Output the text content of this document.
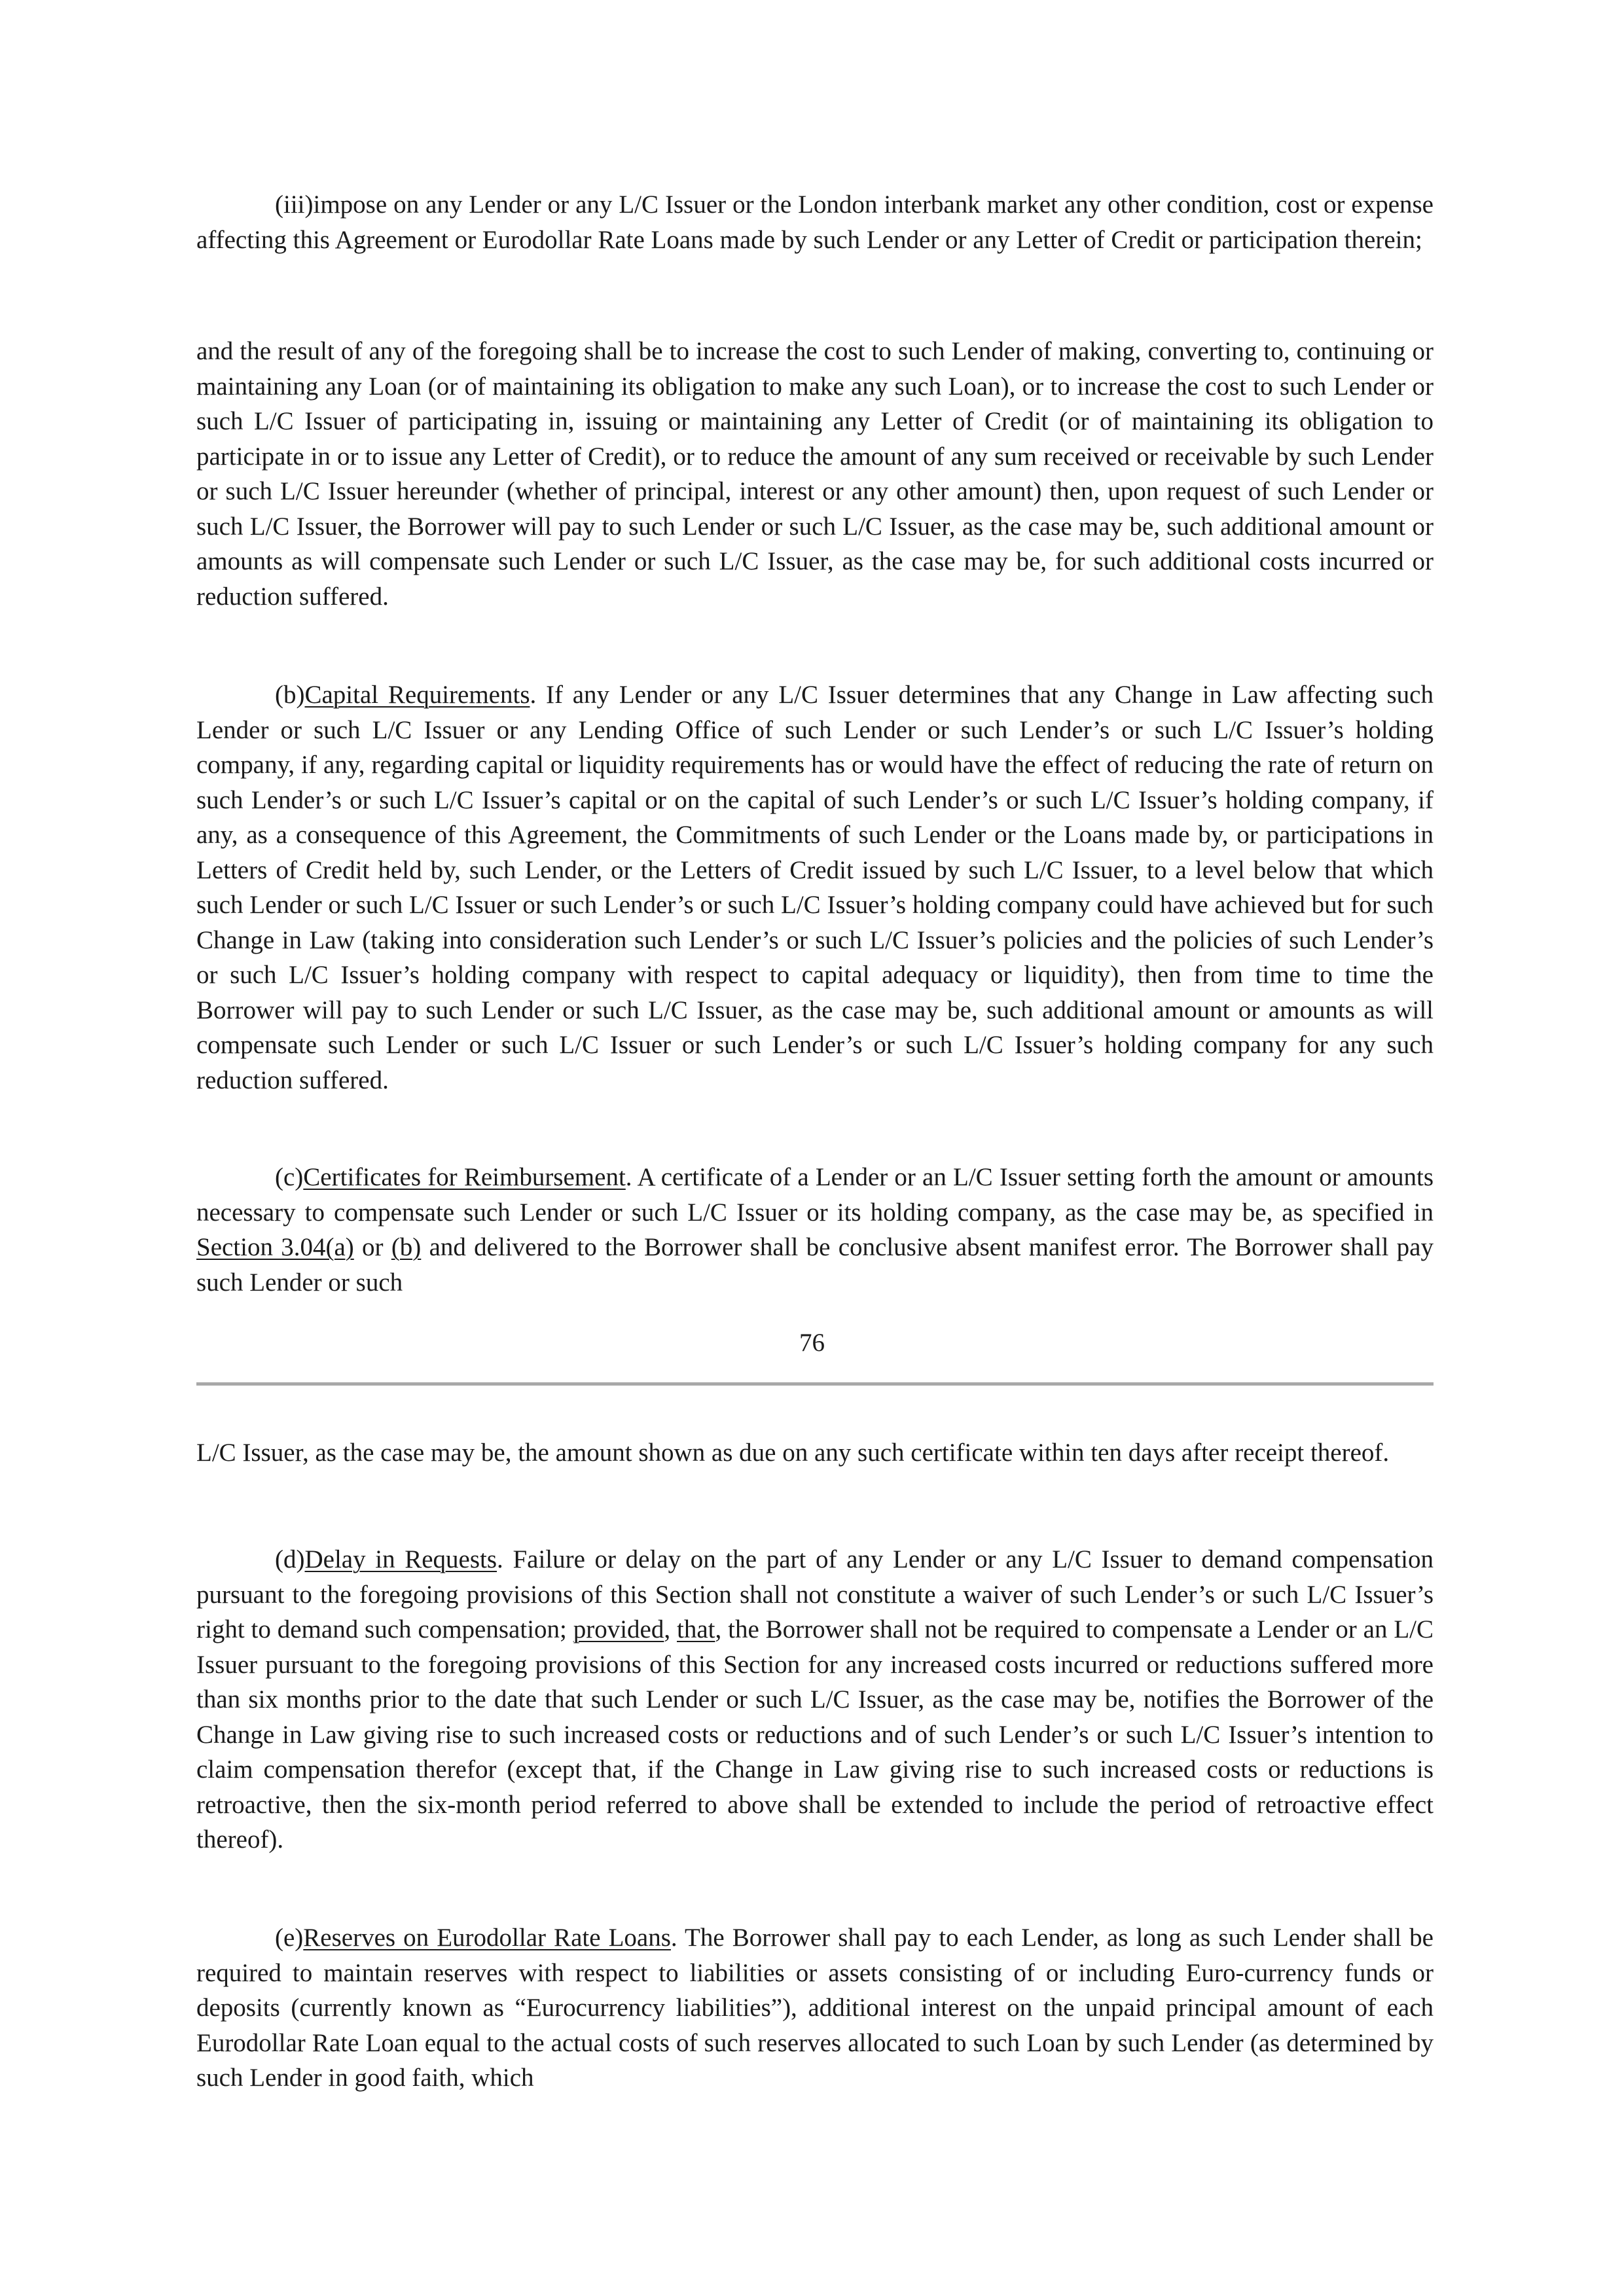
(iii)impose on any Lender or any L/C Issuer or the London interbank market any other condition, cost or expense affecting this Agreement or Eurodollar Rate Loans made by such Lender or any Letter of Credit or participation therein;

and the result of any of the foregoing shall be to increase the cost to such Lender of making, converting to, continuing or maintaining any Loan (or of maintaining its obligation to make any such Loan), or to increase the cost to such Lender or such L/C Issuer of participating in, issuing or maintaining any Letter of Credit (or of maintaining its obligation to participate in or to issue any Letter of Credit), or to reduce the amount of any sum received or receivable by such Lender or such L/C Issuer hereunder (whether of principal, interest or any other amount) then, upon request of such Lender or such L/C Issuer, the Borrower will pay to such Lender or such L/C Issuer, as the case may be, such additional amount or amounts as will compensate such Lender or such L/C Issuer, as the case may be, for such additional costs incurred or reduction suffered.

(b)Capital Requirements. If any Lender or any L/C Issuer determines that any Change in Law affecting such Lender or such L/C Issuer or any Lending Office of such Lender or such Lender’s or such L/C Issuer’s holding company, if any, regarding capital or liquidity requirements has or would have the effect of reducing the rate of return on such Lender’s or such L/C Issuer’s capital or on the capital of such Lender’s or such L/C Issuer’s holding company, if any, as a consequence of this Agreement, the Commitments of such Lender or the Loans made by, or participations in Letters of Credit held by, such Lender, or the Letters of Credit issued by such L/C Issuer, to a level below that which such Lender or such L/C Issuer or such Lender’s or such L/C Issuer’s holding company could have achieved but for such Change in Law (taking into consideration such Lender’s or such L/C Issuer’s policies and the policies of such Lender’s or such L/C Issuer’s holding company with respect to capital adequacy or liquidity), then from time to time the Borrower will pay to such Lender or such L/C Issuer, as the case may be, such additional amount or amounts as will compensate such Lender or such L/C Issuer or such Lender’s or such L/C Issuer’s holding company for any such reduction suffered.

(c)Certificates for Reimbursement. A certificate of a Lender or an L/C Issuer setting forth the amount or amounts necessary to compensate such Lender or such L/C Issuer or its holding company, as the case may be, as specified in Section 3.04(a) or (b) and delivered to the Borrower shall be conclusive absent manifest error. The Borrower shall pay such Lender or such

76

L/C Issuer, as the case may be, the amount shown as due on any such certificate within ten days after receipt thereof.

(d)Delay in Requests. Failure or delay on the part of any Lender or any L/C Issuer to demand compensation pursuant to the foregoing provisions of this Section shall not constitute a waiver of such Lender’s or such L/C Issuer’s right to demand such compensation; provided, that, the Borrower shall not be required to compensate a Lender or an L/C Issuer pursuant to the foregoing provisions of this Section for any increased costs incurred or reductions suffered more than six months prior to the date that such Lender or such L/C Issuer, as the case may be, notifies the Borrower of the Change in Law giving rise to such increased costs or reductions and of such Lender’s or such L/C Issuer’s intention to claim compensation therefor (except that, if the Change in Law giving rise to such increased costs or reductions is retroactive, then the six-month period referred to above shall be extended to include the period of retroactive effect thereof).

(e)Reserves on Eurodollar Rate Loans. The Borrower shall pay to each Lender, as long as such Lender shall be required to maintain reserves with respect to liabilities or assets consisting of or including Euro-currency funds or deposits (currently known as “Eurocurrency liabilities”), additional interest on the unpaid principal amount of each Eurodollar Rate Loan equal to the actual costs of such reserves allocated to such Loan by such Lender (as determined by such Lender in good faith, which
